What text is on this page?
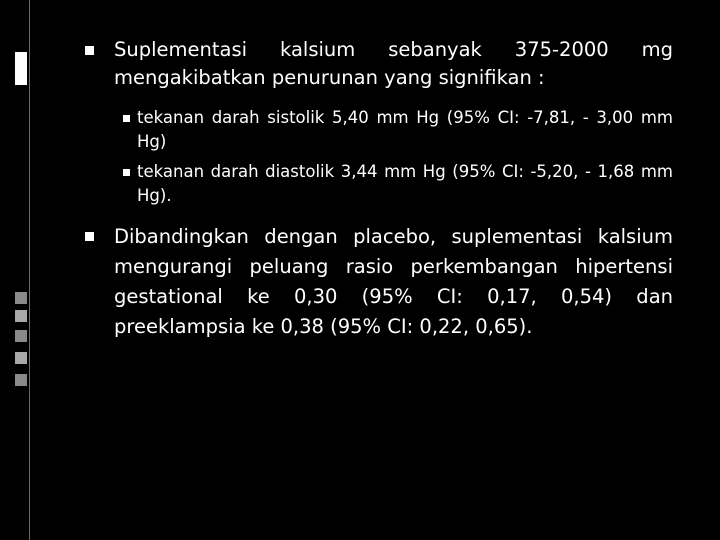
Suplementasi kalsium sebanyak 375-2000 mg mengakibatkan penurunan yang signifikan :
tekanan darah sistolik 5,40 mm Hg (95% CI: -7,81, - 3,00 mm Hg)
tekanan darah diastolik 3,44 mm Hg (95% CI: -5,20, - 1,68 mm Hg).
Dibandingkan dengan placebo, suplementasi kalsium mengurangi peluang rasio perkembangan hipertensi gestational ke 0,30 (95% CI: 0,17, 0,54) dan preeklampsia ke 0,38 (95% CI: 0,22, 0,65).
